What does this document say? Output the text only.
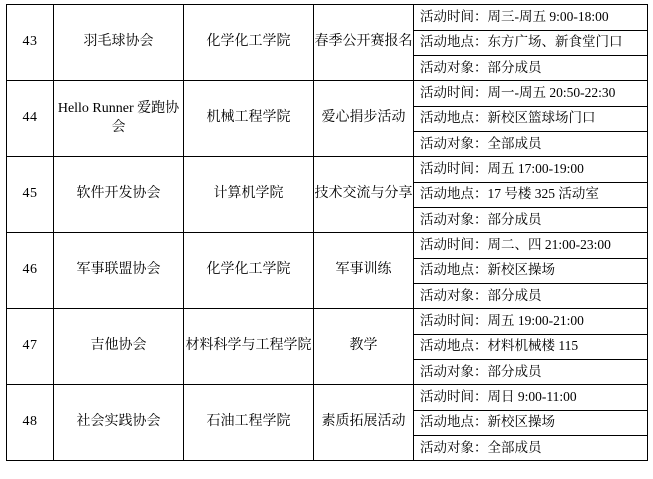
43	羽毛球协会	化学化工学院	春季公开赛报名	
活动时间：周三-周五 9:00-18:00
活动地点：东方广场、新食堂门口
活动对象：部分成员

44	Hello Runner 爱跑协会	机械工程学院	爱心捐步活动	
活动时间：周一-周五 20:50-22:30
活动地点：新校区篮球场门口
活动对象：全部成员

45	软件开发协会	计算机学院	技术交流与分享	
活动时间：周五 17:00-19:00
活动地点：17 号楼 325 活动室
活动对象：部分成员

46	军事联盟协会	化学化工学院	军事训练	
活动时间：周二、四 21:00-23:00
活动地点：新校区操场
活动对象：部分成员

47	吉他协会	材料科学与工程学院	教学	
活动时间：周五 19:00-21:00
活动地点：材料机械楼 115
活动对象：部分成员

48	社会实践协会	石油工程学院	素质拓展活动	
活动时间：周日 9:00-11:00
活动地点：新校区操场
活动对象：全部成员
